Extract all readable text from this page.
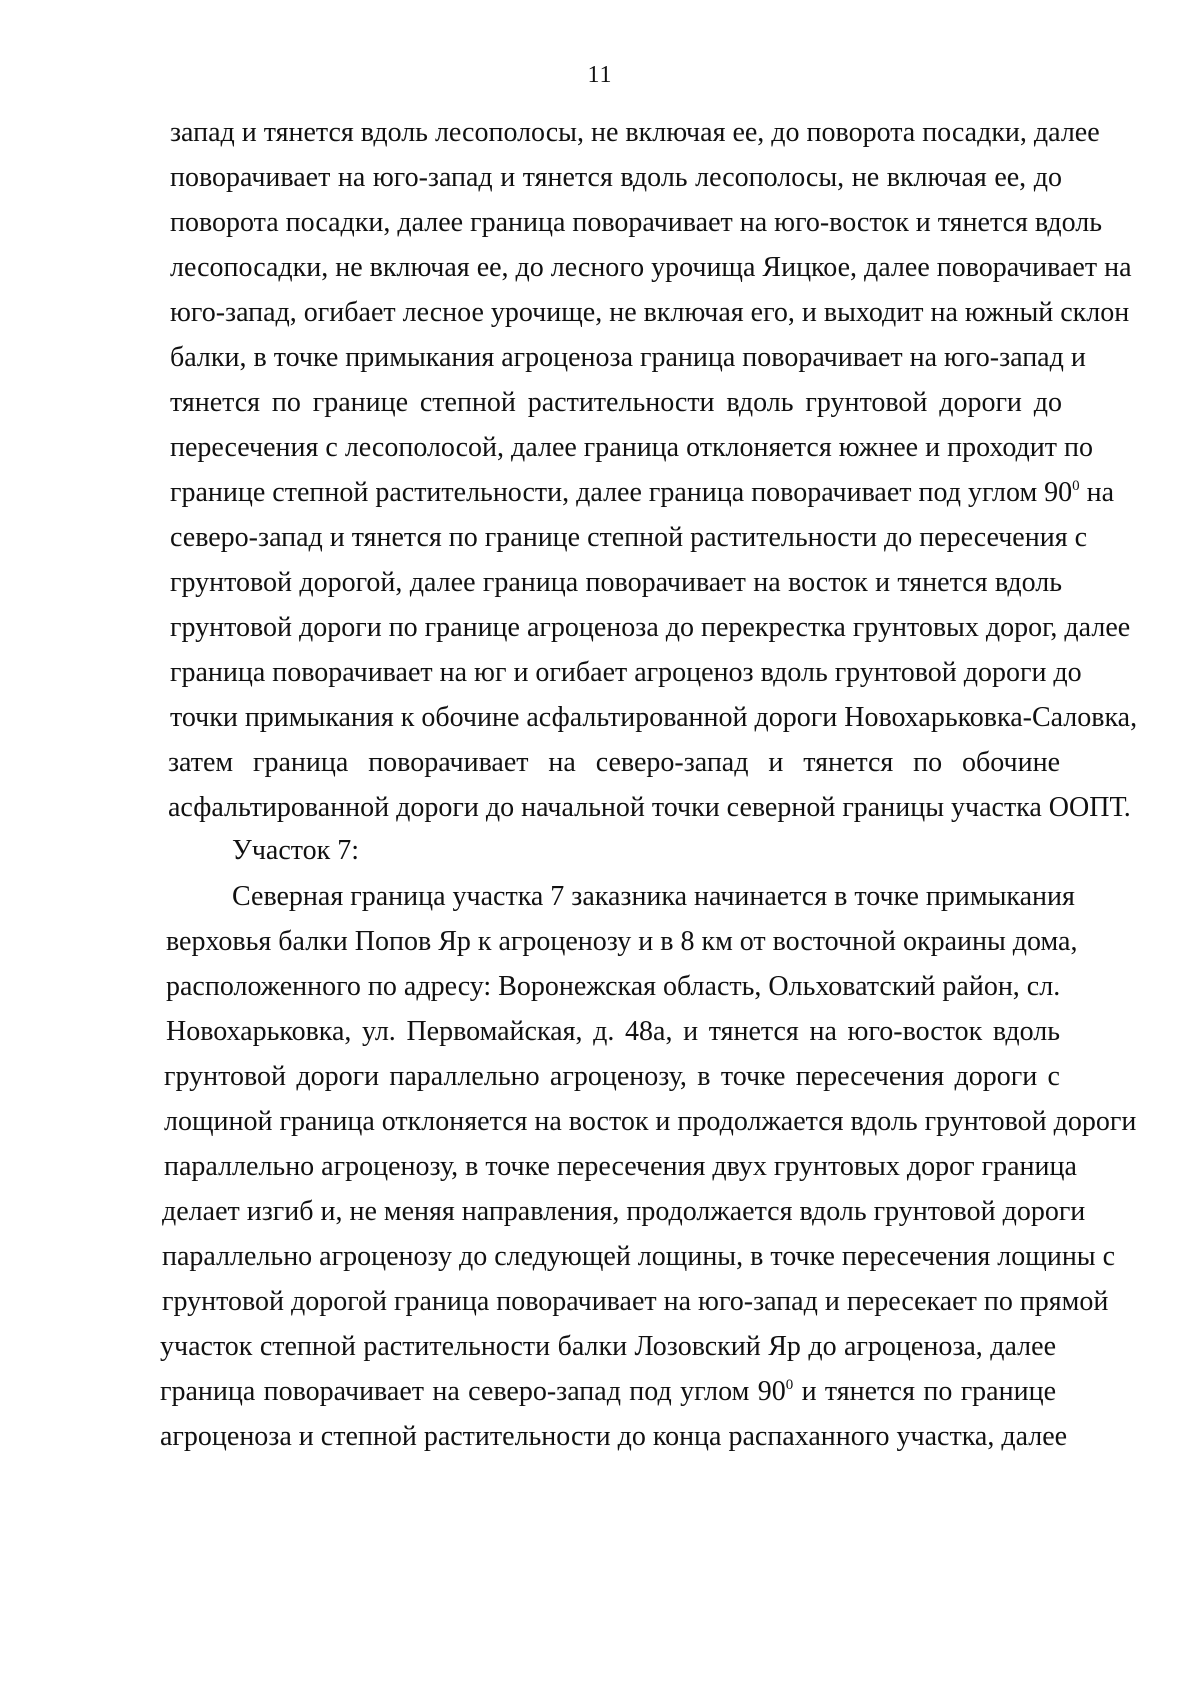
11
запад и тянется вдоль лесополосы, не включая ее, до поворота посадки, далее
поворачивает на юго-запад и тянется вдоль лесополосы, не включая ее, до
поворота посадки, далее граница поворачивает на юго-восток и тянется вдоль
лесопосадки, не включая ее, до лесного урочища Яицкое, далее поворачивает на
юго-запад, огибает лесное урочище, не включая его, и выходит на южный склон
балки, в точке примыкания агроценоза граница поворачивает на юго-запад и
тянется по границе степной растительности вдоль грунтовой дороги до
пересечения с лесополосой, далее граница отклоняется южнее и проходит по
границе степной растительности, далее граница поворачивает под углом $90^0$ на
северо-запад и тянется по границе степной растительности до пересечения с
грунтовой дорогой, далее граница поворачивает на восток и тянется вдоль
грунтовой дороги по границе агроценоза до перекрестка грунтовых дорог, далее
граница поворачивает на юг и огибает агроценоз вдоль грунтовой дороги до
точки примыкания к обочине асфальтированной дороги Новохарьковка-Саловка,
затем граница поворачивает на северо-запад и тянется по обочине
асфальтированной дороги до начальной точки северной границы участка ООПТ.
Участок 7:
Северная граница участка 7 заказника начинается в точке примыкания
верховья балки Попов Яр к агроценозу и в 8 км от восточной окраины дома,
расположенного по адресу: Воронежская область, Ольховатский район, сл.
Новохарьковка, ул. Первомайская, д. 48а, и тянется на юго-восток вдоль
грунтовой дороги параллельно агроценозу, в точке пересечения дороги с
лощиной граница отклоняется на восток и продолжается вдоль грунтовой дороги
параллельно агроценозу, в точке пересечения двух грунтовых дорог граница
делает изгиб и, не меняя направления, продолжается вдоль грунтовой дороги
параллельно агроценозу до следующей лощины, в точке пересечения лощины с
грунтовой дорогой граница поворачивает на юго-запад и пересекает по прямой
участок степной растительности балки Лозовский Яр до агроценоза, далее
граница поворачивает на северо-запад под углом $90^0$ и тянется по границе
агроценоза и степной растительности до конца распаханного участка, далее
